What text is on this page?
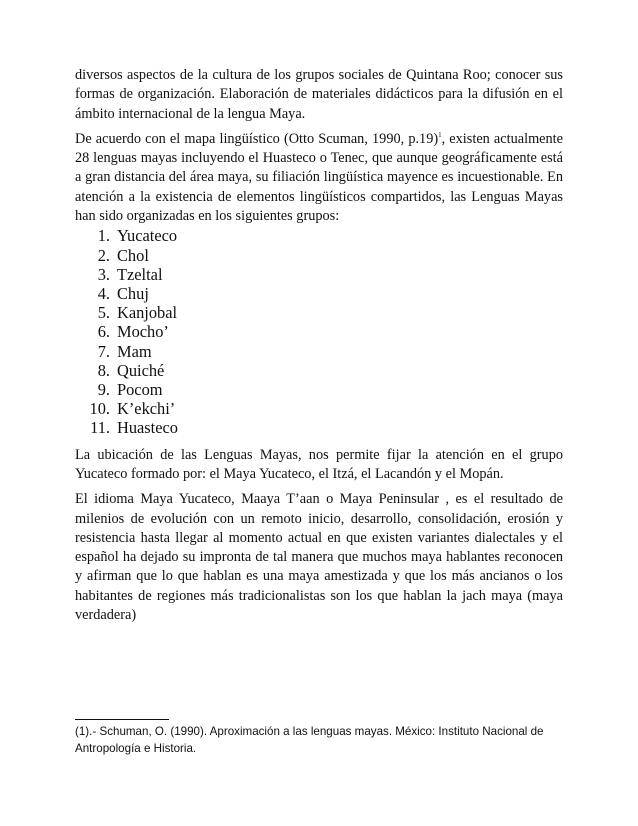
diversos aspectos de la cultura de los grupos sociales de Quintana Roo; conocer sus formas de organización. Elaboración de materiales didácticos para la difusión en el ámbito internacional de la lengua Maya.

De acuerdo con el mapa lingüístico (Otto Scuman, 1990, p.19)$^1$, existen actualmente 28 lenguas mayas incluyendo el Huasteco o Tenec, que aunque geográficamente está a gran distancia del área maya, su filiación lingüística mayence es incuestionable. En atención a la existencia de elementos lingüísticos compartidos, las Lenguas Mayas han sido organizadas en los siguientes grupos:

1. Yucateco
2. Chol
3. Tzeltal
4. Chuj
5. Kanjobal
6. Mocho’
7. Mam
8. Quiché
9. Pocom
10. K’ekchi’
11. Huasteco

La ubicación de las Lenguas Mayas, nos permite fijar la atención en el grupo Yucateco formado por: el Maya Yucateco, el Itzá, el Lacandón y el Mopán.

El idioma Maya Yucateco, Maaya T’aan o Maya Peninsular , es el resultado de milenios de evolución con un remoto inicio, desarrollo, consolidación, erosión y resistencia hasta llegar al momento actual en que existen variantes dialectales y el español ha dejado su impronta de tal manera que muchos maya hablantes reconocen y afirman que lo que hablan es una maya amestizada y que los más ancianos o los habitantes de regiones más tradicionalistas son los que hablan la jach maya (maya verdadera)

(1).- Schuman, O. (1990). Aproximación a las lenguas mayas. México: Instituto Nacional de Antropología e Historia.
